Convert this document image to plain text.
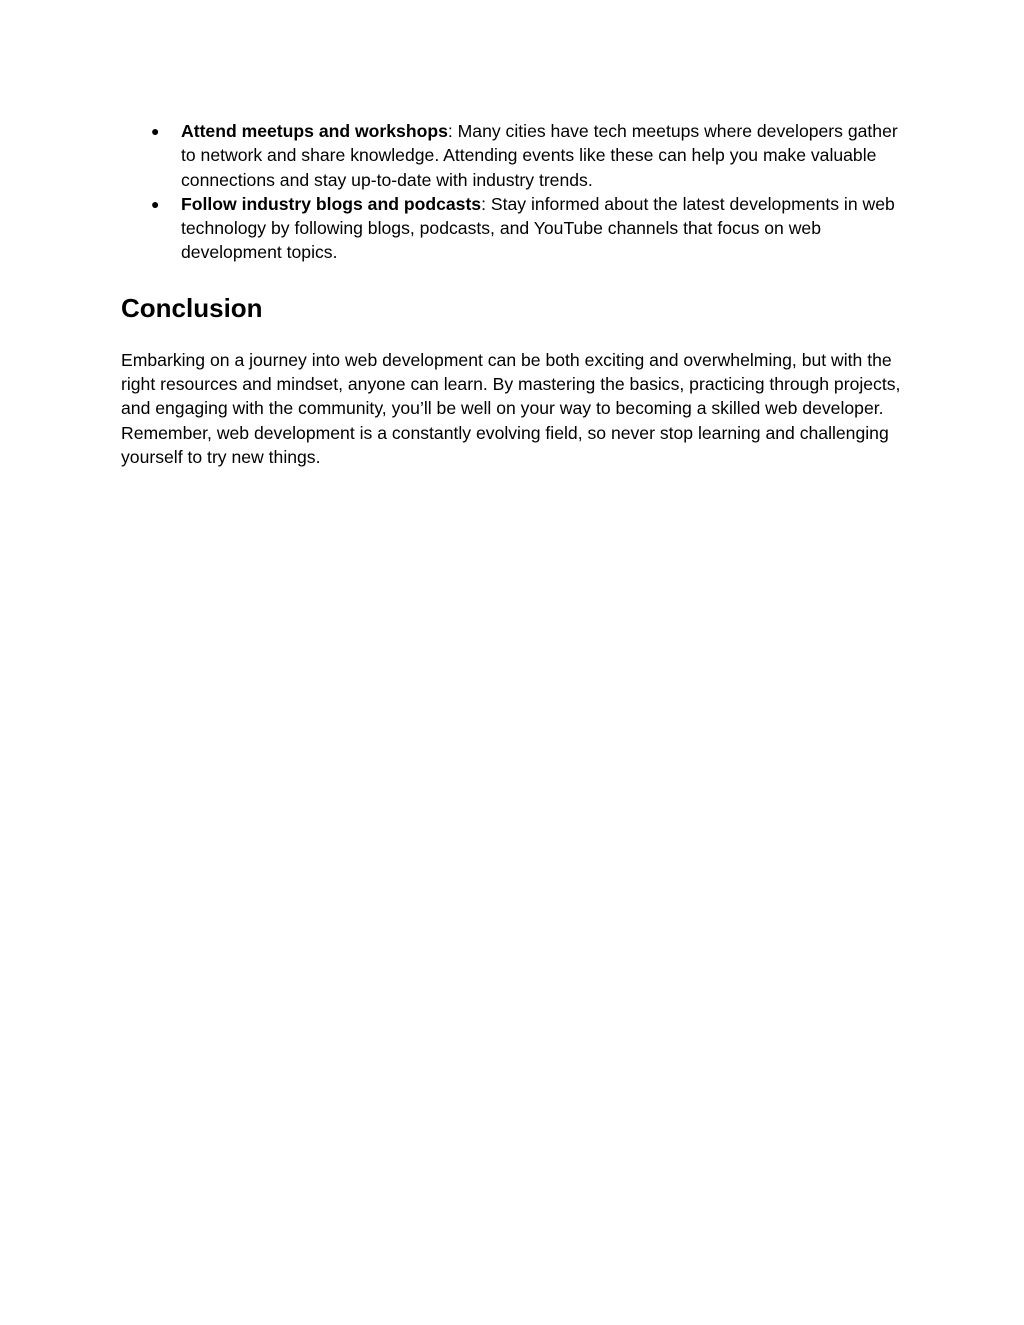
● Attend meetups and workshops: Many cities have tech meetups where developers gather to network and share knowledge. Attending events like these can help you make valuable connections and stay up-to-date with industry trends.
● Follow industry blogs and podcasts: Stay informed about the latest developments in web technology by following blogs, podcasts, and YouTube channels that focus on web development topics.
Conclusion

Embarking on a journey into web development can be both exciting and overwhelming, but with the right resources and mindset, anyone can learn. By mastering the basics, practicing through projects, and engaging with the community, you’ll be well on your way to becoming a skilled web developer. Remember, web development is a constantly evolving field, so never stop learning and challenging yourself to try new things.
